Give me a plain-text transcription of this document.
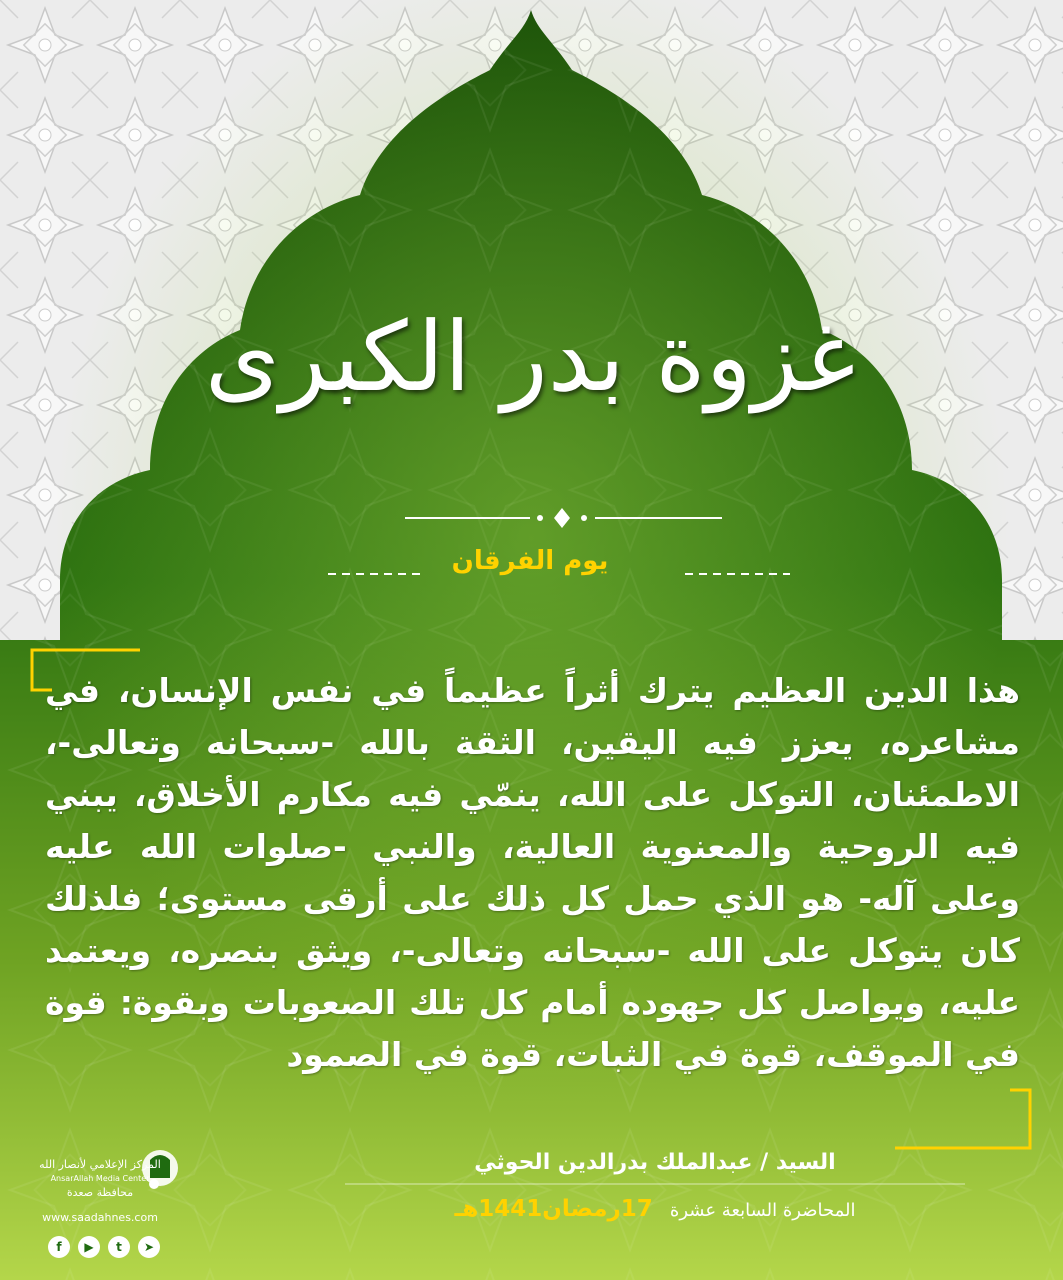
غزوة بدر الكبرى
يوم الفرقان
هذا الدين العظيم يترك أثراً عظيماً في نفس الإنسان، في مشاعره، يعزز فيه اليقين، الثقة بالله -سبحانه وتعالى-، الاطمئنان، التوكل على الله، ينمّي فيه مكارم الأخلاق، يبني فيه الروحية والمعنوية العالية، والنبي -صلوات الله عليه وعلى آله- هو الذي حمل كل ذلك على أرقى مستوى؛ فلذلك كان يتوكل على الله -سبحانه وتعالى-، ويثق بنصره، ويعتمد عليه، ويواصل كل جهوده أمام كل تلك الصعوبات وبقوة: قوة في الموقف، قوة في الثبات، قوة في الصمود
السيد / عبدالملك بدرالدين الحوثي
المحاضرة السابعة عشرة   17رمضان1441هـ
المركز الإعلامي لأنصار الله
AnsarAllah Media Center
محافظة صعدة
www.saadahnes.com
f	▶	t	➤
